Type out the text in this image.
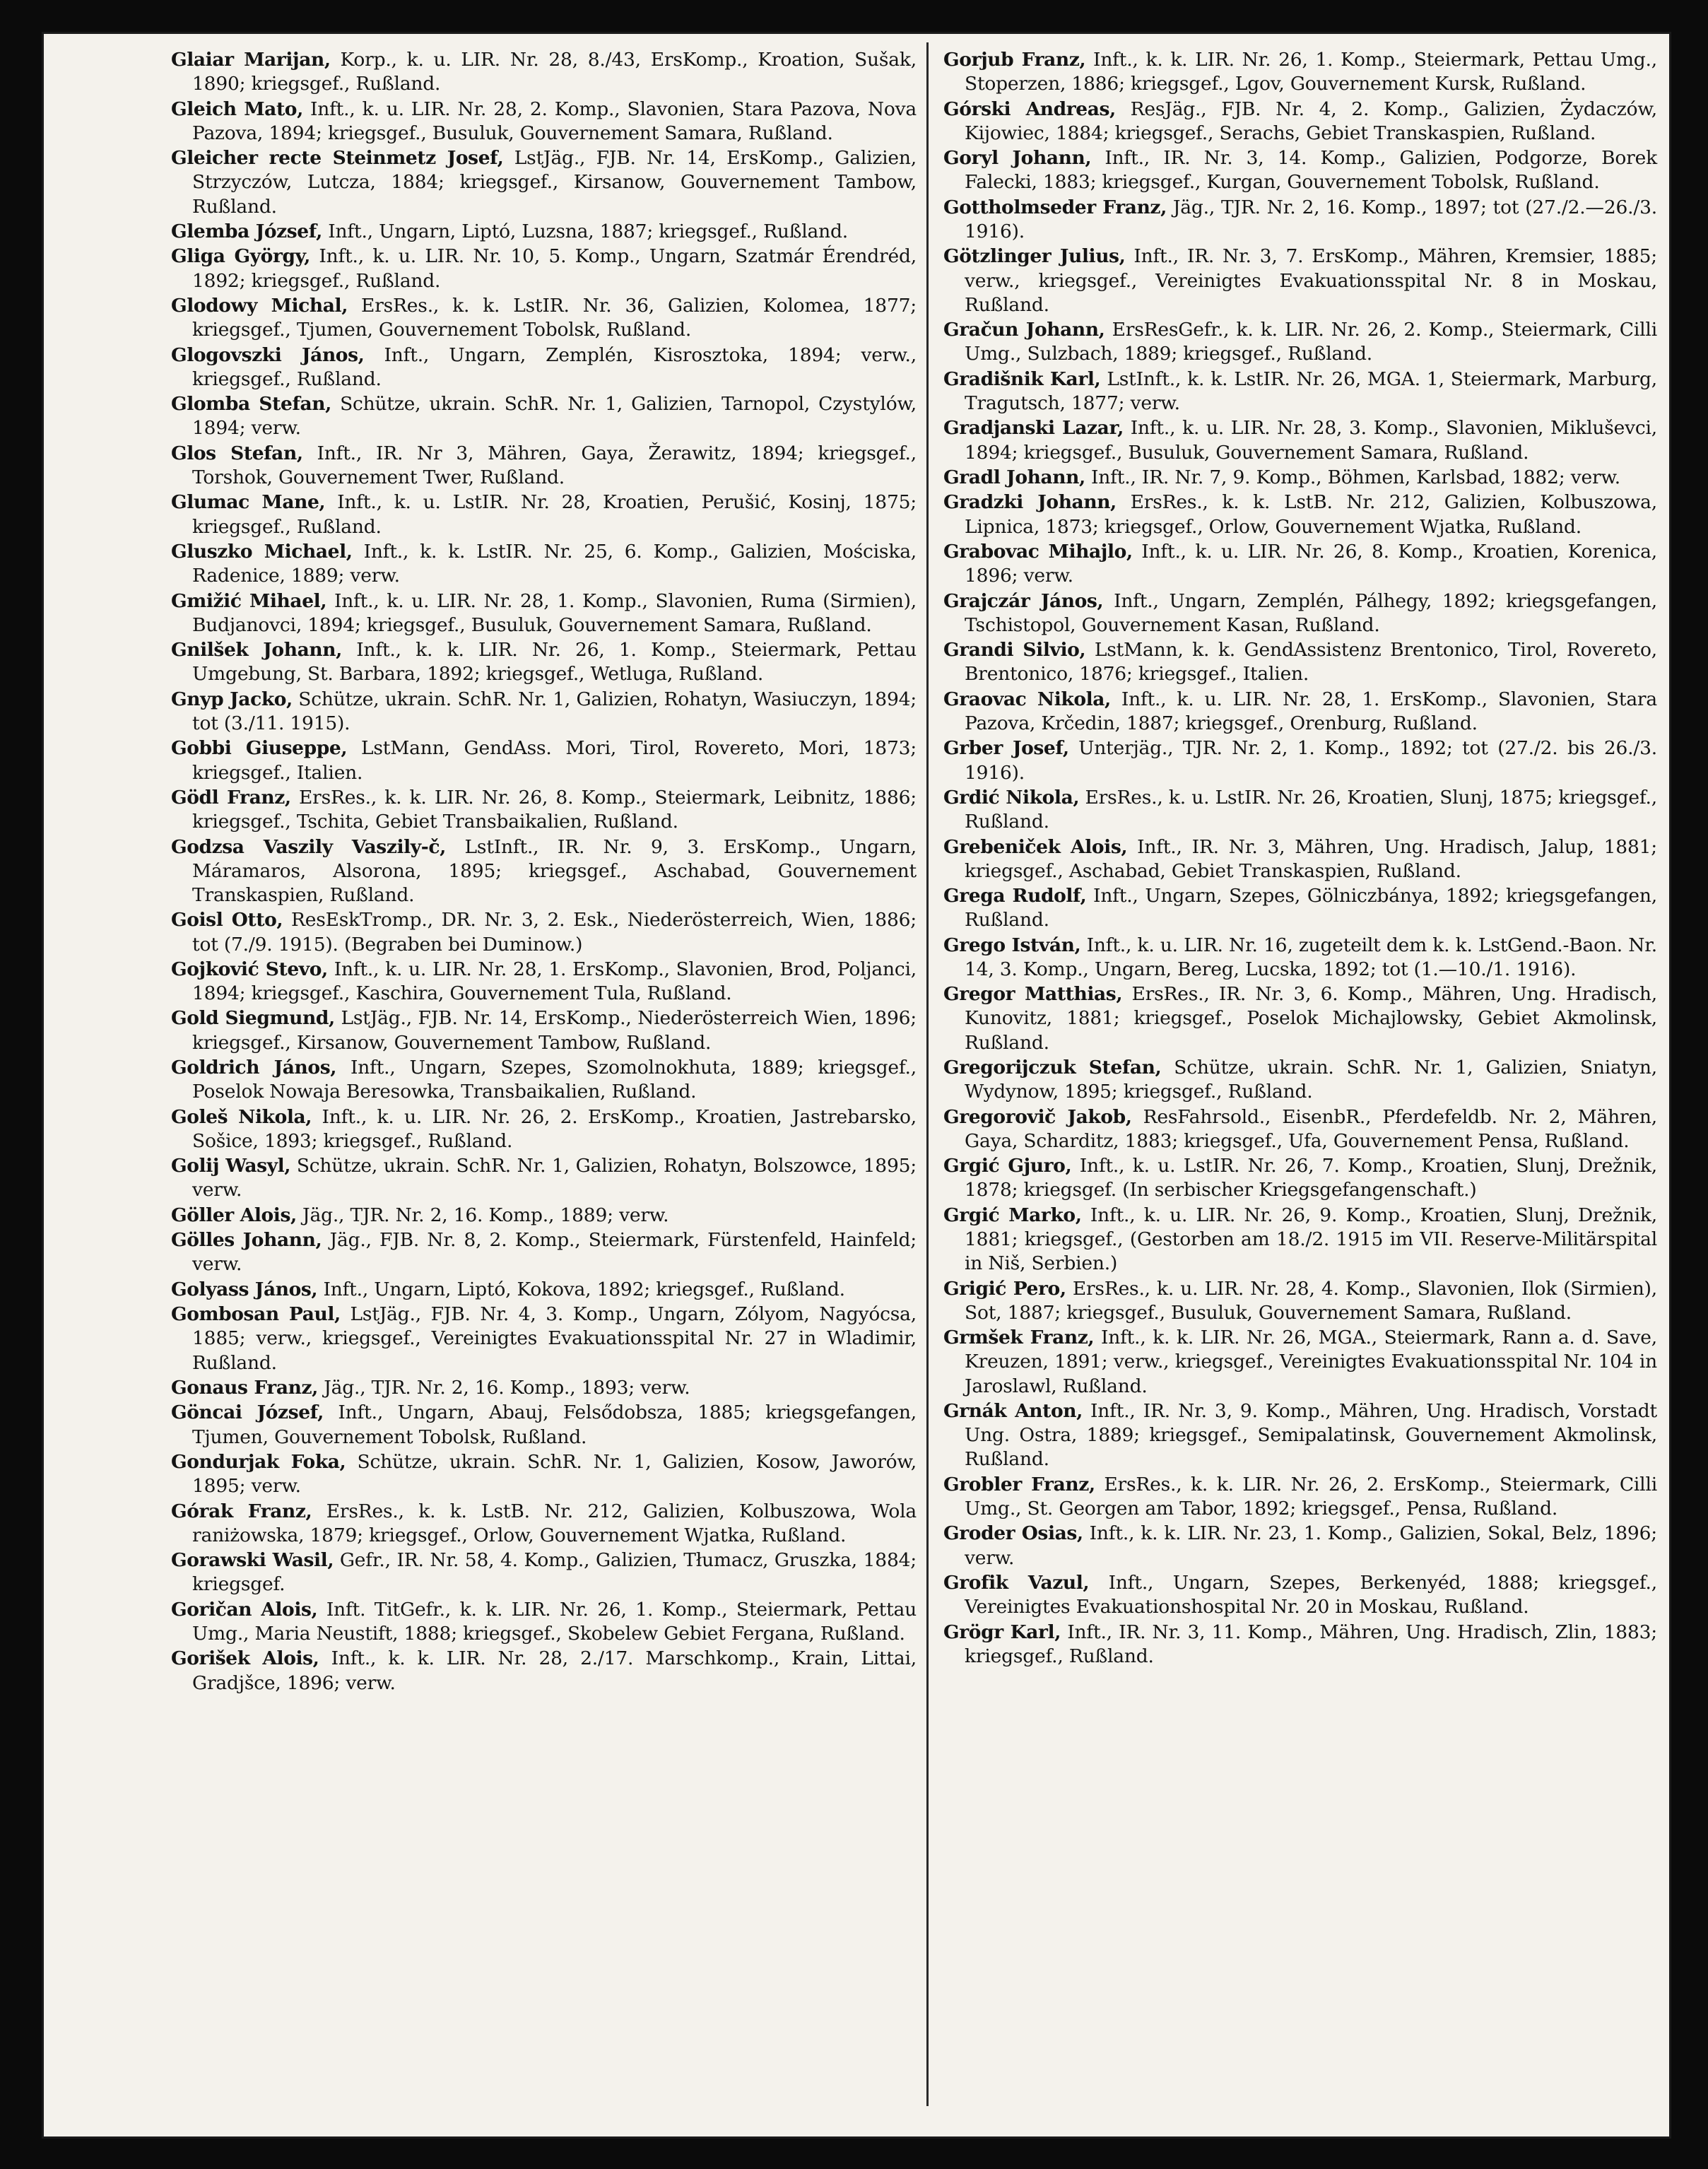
Glaiar Marijan, Korp., k. u. LIR. Nr. 28, 8./43, ErsKomp., Kroation, Sušak, 1890; kriegsgef., Rußland.

Gleich Mato, Inft., k. u. LIR. Nr. 28, 2. Komp., Slavonien, Stara Pazova, Nova Pazova, 1894; kriegsgef., Busuluk, Gouvernement Samara, Rußland.

Gleicher recte Steinmetz Josef, LstJäg., FJB. Nr. 14, ErsKomp., Galizien, Strzyczów, Lutcza, 1884; kriegsgef., Kirsanow, Gouvernement Tambow, Rußland.

Glemba József, Inft., Ungarn, Liptó, Luzsna, 1887; kriegsgef., Rußland.

Gliga György, Inft., k. u. LIR. Nr. 10, 5. Komp., Ungarn, Szatmár Érendréd, 1892; kriegsgef., Rußland.

Glodowy Michal, ErsRes., k. k. LstIR. Nr. 36, Galizien, Kolomea, 1877; kriegsgef., Tjumen, Gouvernement Tobolsk, Rußland.

Glogovszki János, Inft., Ungarn, Zemplén, Kisrosztoka, 1894; verw., kriegsgef., Rußland.

Glomba Stefan, Schütze, ukrain. SchR. Nr. 1, Galizien, Tarnopol, Czystylów, 1894; verw.

Glos Stefan, Inft., IR. Nr 3, Mähren, Gaya, Žerawitz, 1894; kriegsgef., Torshok, Gouvernement Twer, Rußland.

Glumac Mane, Inft., k. u. LstIR. Nr. 28, Kroatien, Perušić, Kosinj, 1875; kriegsgef., Rußland.

Gluszko Michael, Inft., k. k. LstIR. Nr. 25, 6. Komp., Galizien, Mościska, Radenice, 1889; verw.

Gmižić Mihael, Inft., k. u. LIR. Nr. 28, 1. Komp., Slavonien, Ruma (Sirmien), Budjanovci, 1894; kriegsgef., Busuluk, Gouvernement Samara, Rußland.

Gnilšek Johann, Inft., k. k. LIR. Nr. 26, 1. Komp., Steiermark, Pettau Umgebung, St. Barbara, 1892; kriegsgef., Wetluga, Rußland.

Gnyp Jacko, Schütze, ukrain. SchR. Nr. 1, Galizien, Rohatyn, Wasiuczyn, 1894; tot (3./11. 1915).

Gobbi Giuseppe, LstMann, GendAss. Mori, Tirol, Rovereto, Mori, 1873; kriegsgef., Italien.

Gödl Franz, ErsRes., k. k. LIR. Nr. 26, 8. Komp., Steiermark, Leibnitz, 1886; kriegsgef., Tschita, Gebiet Transbaikalien, Rußland.

Godzsa Vaszily Vaszily-č, LstInft., IR. Nr. 9, 3. ErsKomp., Ungarn, Máramaros, Alsorona, 1895; kriegsgef., Aschabad, Gouvernement Transkaspien, Rußland.

Goisl Otto, ResEskTromp., DR. Nr. 3, 2. Esk., Niederösterreich, Wien, 1886; tot (7./9. 1915). (Begraben bei Duminow.)

Gojković Stevo, Inft., k. u. LIR. Nr. 28, 1. ErsKomp., Slavonien, Brod, Poljanci, 1894; kriegsgef., Kaschira, Gouvernement Tula, Rußland.

Gold Siegmund, LstJäg., FJB. Nr. 14, ErsKomp., Niederösterreich Wien, 1896; kriegsgef., Kirsanow, Gouvernement Tambow, Rußland.

Goldrich János, Inft., Ungarn, Szepes, Szomolnokhuta, 1889; kriegsgef., Poselok Nowaja Beresowka, Transbaikalien, Rußland.

Goleš Nikola, Inft., k. u. LIR. Nr. 26, 2. ErsKomp., Kroatien, Jastrebarsko, Sošice, 1893; kriegsgef., Rußland.

Golij Wasyl, Schütze, ukrain. SchR. Nr. 1, Galizien, Rohatyn, Bolszowce, 1895; verw.

Göller Alois, Jäg., TJR. Nr. 2, 16. Komp., 1889; verw.

Gölles Johann, Jäg., FJB. Nr. 8, 2. Komp., Steiermark, Fürstenfeld, Hainfeld; verw.

Golyass János, Inft., Ungarn, Liptó, Kokova, 1892; kriegsgef., Rußland.

Gombosan Paul, LstJäg., FJB. Nr. 4, 3. Komp., Ungarn, Zólyom, Nagyócsa, 1885; verw., kriegsgef., Vereinigtes Evakuationsspital Nr. 27 in Wladimir, Rußland.

Gonaus Franz, Jäg., TJR. Nr. 2, 16. Komp., 1893; verw.

Göncai József, Inft., Ungarn, Abauj, Felsődobsza, 1885; kriegsgefangen, Tjumen, Gouvernement Tobolsk, Rußland.

Gondurjak Foka, Schütze, ukrain. SchR. Nr. 1, Galizien, Kosow, Jaworów, 1895; verw.

Górak Franz, ErsRes., k. k. LstB. Nr. 212, Galizien, Kolbuszowa, Wola raniżowska, 1879; kriegsgef., Orlow, Gouvernement Wjatka, Rußland.

Gorawski Wasil, Gefr., IR. Nr. 58, 4. Komp., Galizien, Tłumacz, Gruszka, 1884; kriegsgef.

Goričan Alois, Inft. TitGefr., k. k. LIR. Nr. 26, 1. Komp., Steiermark, Pettau Umg., Maria Neustift, 1888; kriegsgef., Skobelew Gebiet Fergana, Rußland.

Gorišek Alois, Inft., k. k. LIR. Nr. 28, 2./17. Marschkomp., Krain, Littai, Gradjšce, 1896; verw.

Gorjub Franz, Inft., k. k. LIR. Nr. 26, 1. Komp., Steiermark, Pettau Umg., Stoperzen, 1886; kriegsgef., Lgov, Gouvernement Kursk, Rußland.

Górski Andreas, ResJäg., FJB. Nr. 4, 2. Komp., Galizien, Żydaczów, Kijowiec, 1884; kriegsgef., Serachs, Gebiet Transkaspien, Rußland.

Goryl Johann, Inft., IR. Nr. 3, 14. Komp., Galizien, Podgorze, Borek Falecki, 1883; kriegsgef., Kurgan, Gouvernement Tobolsk, Rußland.

Gottholmseder Franz, Jäg., TJR. Nr. 2, 16. Komp., 1897; tot (27./2.—26./3. 1916).

Götzlinger Julius, Inft., IR. Nr. 3, 7. ErsKomp., Mähren, Kremsier, 1885; verw., kriegsgef., Vereinigtes Evakuationsspital Nr. 8 in Moskau, Rußland.

Gračun Johann, ErsResGefr., k. k. LIR. Nr. 26, 2. Komp., Steiermark, Cilli Umg., Sulzbach, 1889; kriegsgef., Rußland.

Gradišnik Karl, LstInft., k. k. LstIR. Nr. 26, MGA. 1, Steiermark, Marburg, Tragutsch, 1877; verw.

Gradjanski Lazar, Inft., k. u. LIR. Nr. 28, 3. Komp., Slavonien, Mikluševci, 1894; kriegsgef., Busuluk, Gouvernement Samara, Rußland.

Gradl Johann, Inft., IR. Nr. 7, 9. Komp., Böhmen, Karlsbad, 1882; verw.

Gradzki Johann, ErsRes., k. k. LstB. Nr. 212, Galizien, Kolbuszowa, Lipnica, 1873; kriegsgef., Orlow, Gouvernement Wjatka, Rußland.

Grabovac Mihajlo, Inft., k. u. LIR. Nr. 26, 8. Komp., Kroatien, Korenica, 1896; verw.

Grajczár János, Inft., Ungarn, Zemplén, Pálhegy, 1892; kriegsgefangen, Tschistopol, Gouvernement Kasan, Rußland.

Grandi Silvio, LstMann, k. k. GendAssistenz Brentonico, Tirol, Rovereto, Brentonico, 1876; kriegsgef., Italien.

Graovac Nikola, Inft., k. u. LIR. Nr. 28, 1. ErsKomp., Slavonien, Stara Pazova, Krčedin, 1887; kriegsgef., Orenburg, Rußland.

Grber Josef, Unterjäg., TJR. Nr. 2, 1. Komp., 1892; tot (27./2. bis 26./3. 1916).

Grdić Nikola, ErsRes., k. u. LstIR. Nr. 26, Kroatien, Slunj, 1875; kriegsgef., Rußland.

Grebeniček Alois, Inft., IR. Nr. 3, Mähren, Ung. Hradisch, Jalup, 1881; kriegsgef., Aschabad, Gebiet Transkaspien, Rußland.

Grega Rudolf, Inft., Ungarn, Szepes, Gölniczbánya, 1892; kriegsgefangen, Rußland.

Grego István, Inft., k. u. LIR. Nr. 16, zugeteilt dem k. k. LstGend.-Baon. Nr. 14, 3. Komp., Ungarn, Bereg, Lucska, 1892; tot (1.—10./1. 1916).

Gregor Matthias, ErsRes., IR. Nr. 3, 6. Komp., Mähren, Ung. Hradisch, Kunovitz, 1881; kriegsgef., Poselok Michajlowsky, Gebiet Akmolinsk, Rußland.

Gregorijczuk Stefan, Schütze, ukrain. SchR. Nr. 1, Galizien, Sniatyn, Wydynow, 1895; kriegsgef., Rußland.

Gregorovič Jakob, ResFahrsold., EisenbR., Pferdefeldb. Nr. 2, Mähren, Gaya, Scharditz, 1883; kriegsgef., Ufa, Gouvernement Pensa, Rußland.

Grgić Gjuro, Inft., k. u. LstIR. Nr. 26, 7. Komp., Kroatien, Slunj, Drežnik, 1878; kriegsgef. (In serbischer Kriegsgefangenschaft.)

Grgić Marko, Inft., k. u. LIR. Nr. 26, 9. Komp., Kroatien, Slunj, Drežnik, 1881; kriegsgef., (Gestorben am 18./2. 1915 im VII. Reserve-Militärspital in Niš, Serbien.)

Grigić Pero, ErsRes., k. u. LIR. Nr. 28, 4. Komp., Slavonien, Ilok (Sirmien), Sot, 1887; kriegsgef., Busuluk, Gouvernement Samara, Rußland.

Grmšek Franz, Inft., k. k. LIR. Nr. 26, MGA., Steiermark, Rann a. d. Save, Kreuzen, 1891; verw., kriegsgef., Vereinigtes Evakuationsspital Nr. 104 in Jaroslawl, Rußland.

Grnák Anton, Inft., IR. Nr. 3, 9. Komp., Mähren, Ung. Hradisch, Vorstadt Ung. Ostra, 1889; kriegsgef., Semipalatinsk, Gouvernement Akmolinsk, Rußland.

Grobler Franz, ErsRes., k. k. LIR. Nr. 26, 2. ErsKomp., Steiermark, Cilli Umg., St. Georgen am Tabor, 1892; kriegsgef., Pensa, Rußland.

Groder Osias, Inft., k. k. LIR. Nr. 23, 1. Komp., Galizien, Sokal, Belz, 1896; verw.

Grofik Vazul, Inft., Ungarn, Szepes, Berkenyéd, 1888; kriegsgef., Vereinigtes Evakuationshospital Nr. 20 in Moskau, Rußland.

Grögr Karl, Inft., IR. Nr. 3, 11. Komp., Mähren, Ung. Hradisch, Zlin, 1883; kriegsgef., Rußland.
